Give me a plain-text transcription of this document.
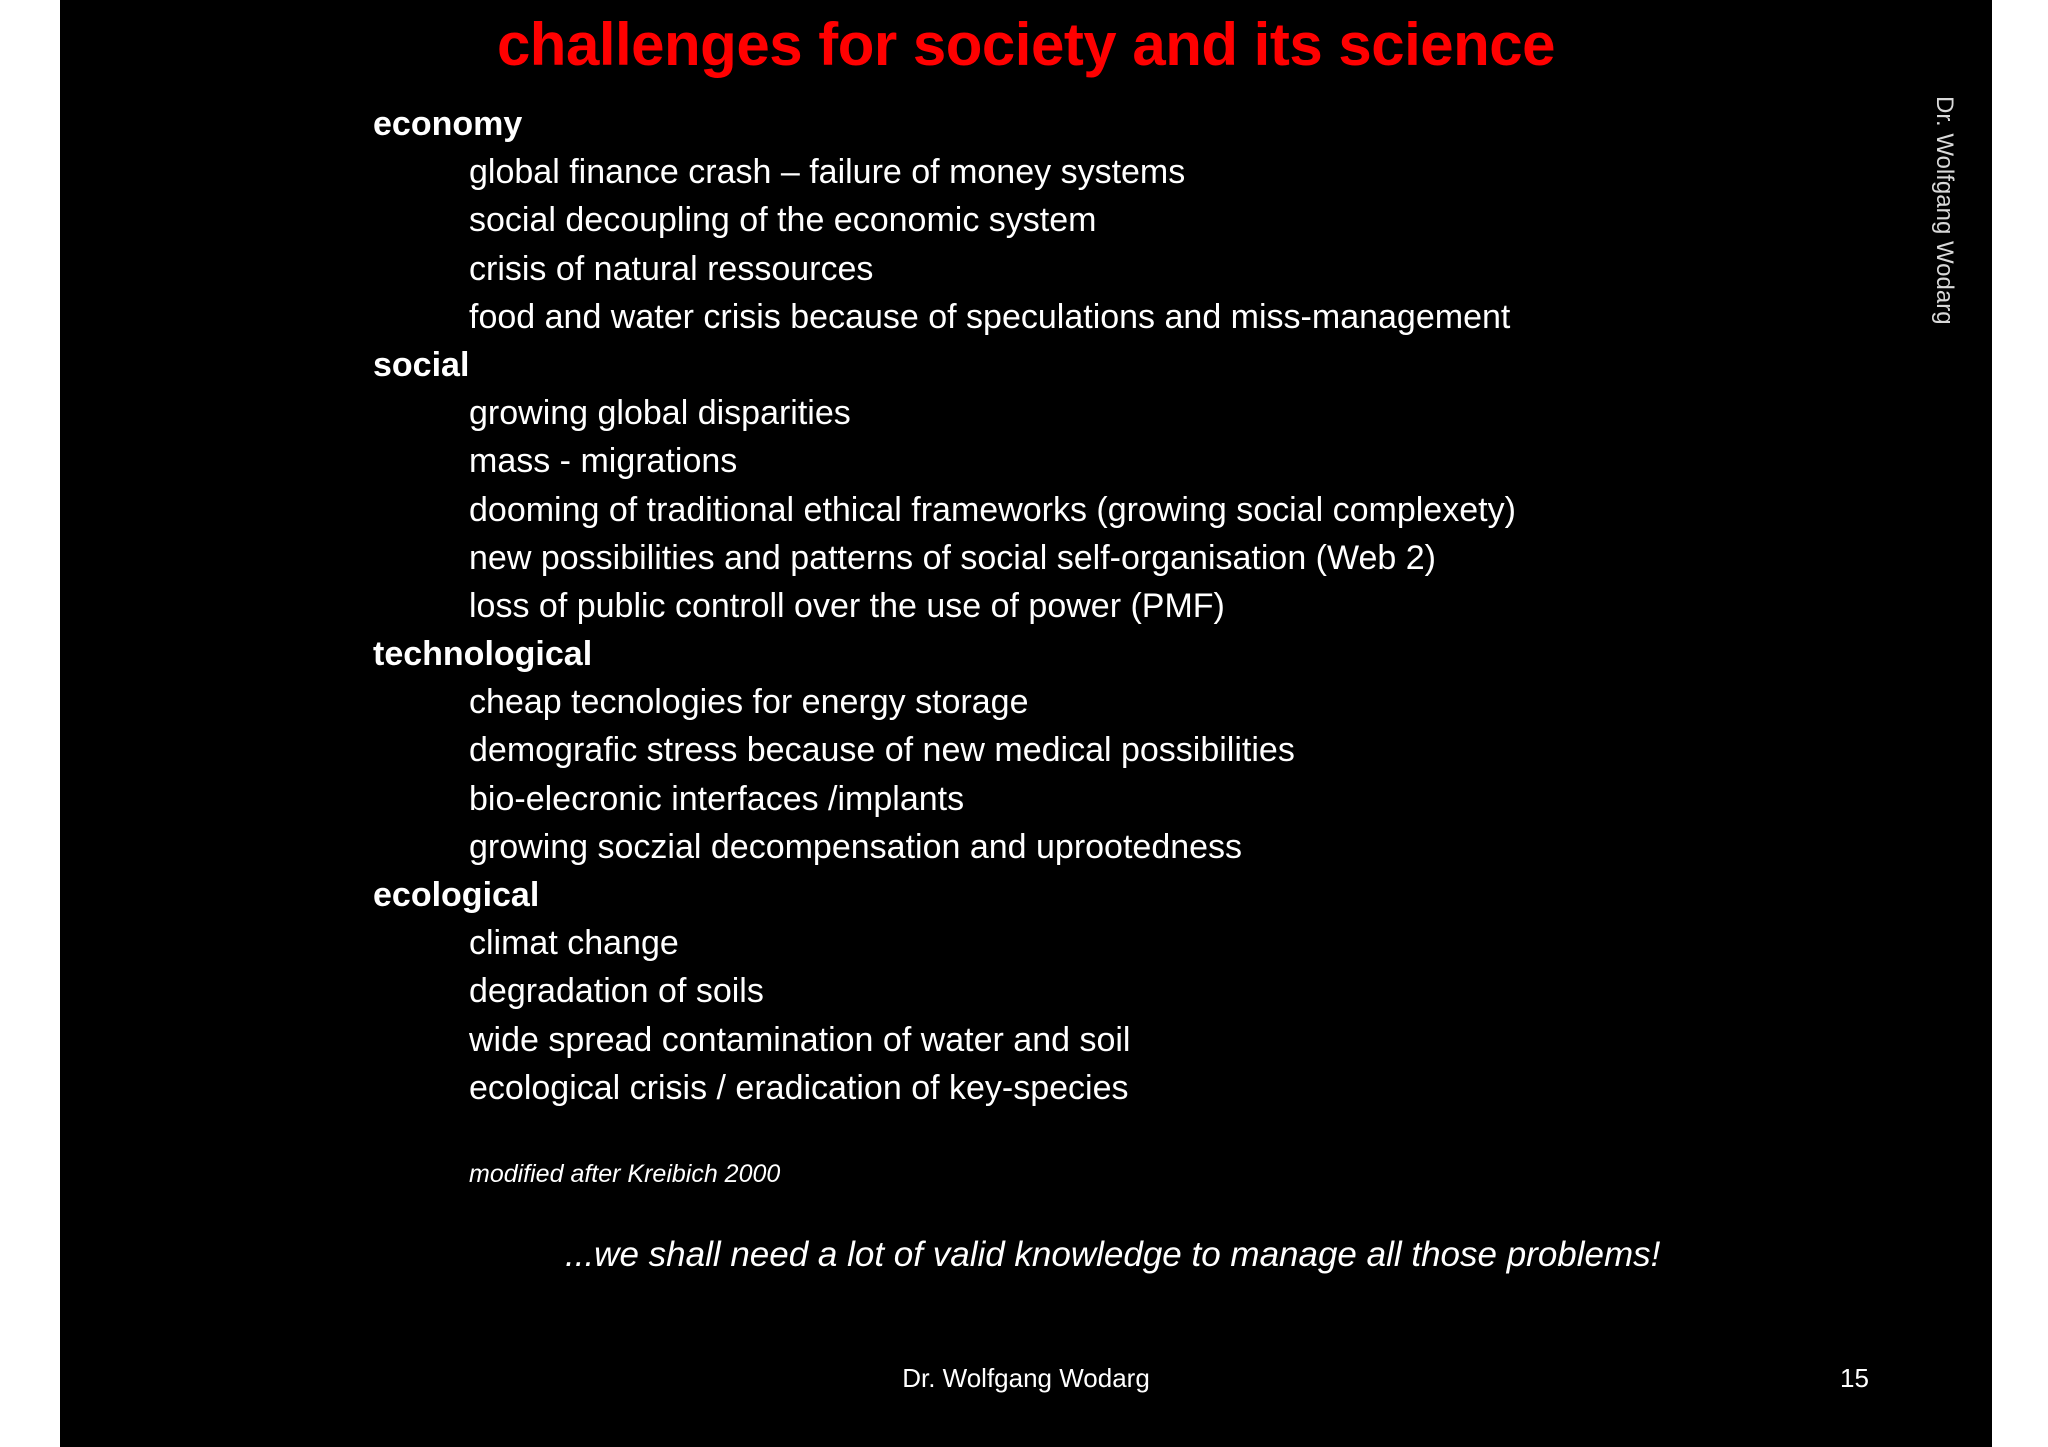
challenges for society and its science
economy
global finance crash – failure of money systems
social decoupling of the economic system
crisis of natural ressources
food and water crisis because of speculations and miss-management
social
growing global disparities
mass - migrations
dooming of traditional ethical frameworks (growing social complexety)
new possibilities and patterns of social self-organisation (Web 2)
loss of public controll over the use of power (PMF)
technological
cheap tecnologies for energy storage
demografic stress because of new medical possibilities
bio-elecronic interfaces /implants
growing soczial decompensation and uprootedness
ecological
climat change
degradation of soils
wide spread contamination of water and soil
ecological crisis / eradication of key-species
modified after Kreibich 2000
...we shall need a lot of valid knowledge to manage all those problems!
Dr. Wolfgang Wodarg	15
Dr. Wolfgang Wodarg
